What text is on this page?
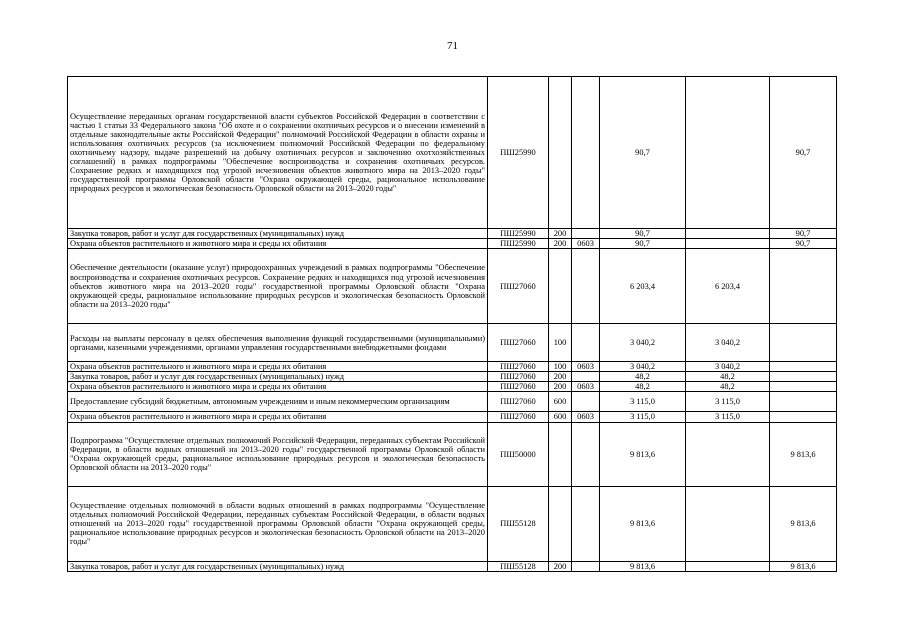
71
Осуществление переданных органам государственной власти субъектов Российской Федерации в соответствии с частью 1 статьи 33 Федерального закона "Об охоте и о сохранении охотничьих ресурсов и о внесении изменений в отдельные законодательные акты Российской Федерации" полномочий Российской Федерации в области охраны и использования охотничьих ресурсов (за исключением полномочий Российской Федерации по федеральному охотничьему надзору, выдаче разрешений на добычу охотничьих ресурсов и заключению охотхозяйственных соглашений) в рамках подпрограммы "Обеспечение воспроизводства и сохранения охотничьих ресурсов. Сохранение редких и находящихся под угрозой исчезновения объектов животного мира на 2013–2020 годы" государственной программы Орловской области "Охрана окружающей среды, рациональное использование природных ресурсов и экологическая безопасность Орловской области на 2013–2020 годы"	ПШ25990			90,7		90,7
Закупка товаров, работ и услуг для государственных (муниципальных) нужд	ПШ25990	200		90,7		90,7
Охрана объектов растительного и животного мира и среды их обитания	ПШ25990	200	0603	90,7		90,7
Обеспечение деятельности (оказание услуг) природоохранных учреждений в рамках подпрограммы "Обеспечение воспроизводства и сохранения охотничьих ресурсов. Сохранение редких и находящихся под угрозой исчезновения объектов животного мира на 2013–2020 годы" государственной программы Орловской области "Охрана окружающей среды, рациональное использование природных ресурсов и экологическая безопасность Орловской области на 2013–2020 годы"	ПШ27060			6 203,4	6 203,4	
Расходы на выплаты персоналу в целях обеспечения выполнения функций государственными (муниципальными) органами, казенными учреждениями, органами управления государственными внебюджетными фондами	ПШ27060	100		3 040,2	3 040,2	
Охрана объектов растительного и животного мира и среды их обитания	ПШ27060	100	0603	3 040,2	3 040,2	
Закупка товаров, работ и услуг для государственных (муниципальных) нужд	ПШ27060	200		48,2	48,2	
Охрана объектов растительного и животного мира и среды их обитания	ПШ27060	200	0603	48,2	48,2	
Предоставление субсидий бюджетным, автономным учреждениям и иным некоммерческим организациям	ПШ27060	600		3 115,0	3 115,0	
Охрана объектов растительного и животного мира и среды их обитания	ПШ27060	600	0603	3 115,0	3 115,0	
Подпрограмма "Осуществление отдельных полномочий Российской Федерации, переданных субъектам Российской Федерации, в области водных отношений на 2013–2020 годы" государственной программы Орловской области "Охрана окружающей среды, рациональное использование природных ресурсов и экологическая безопасность Орловской области на 2013–2020 годы"	ПШ50000			9 813,6		9 813,6
Осуществление отдельных полномочий в области водных отношений в рамках подпрограммы "Осуществление отдельных полномочий Российской Федерации, переданных субъектам Российской Федерации, в области водных отношений на 2013–2020 годы" государственной программы Орловской области "Охрана окружающей среды, рациональное использование природных ресурсов и экологическая безопасность Орловской области на 2013–2020 годы"	ПШ55128			9 813,6		9 813,6
Закупка товаров, работ и услуг для государственных (муниципальных) нужд	ПШ55128	200		9 813,6		9 813,6
